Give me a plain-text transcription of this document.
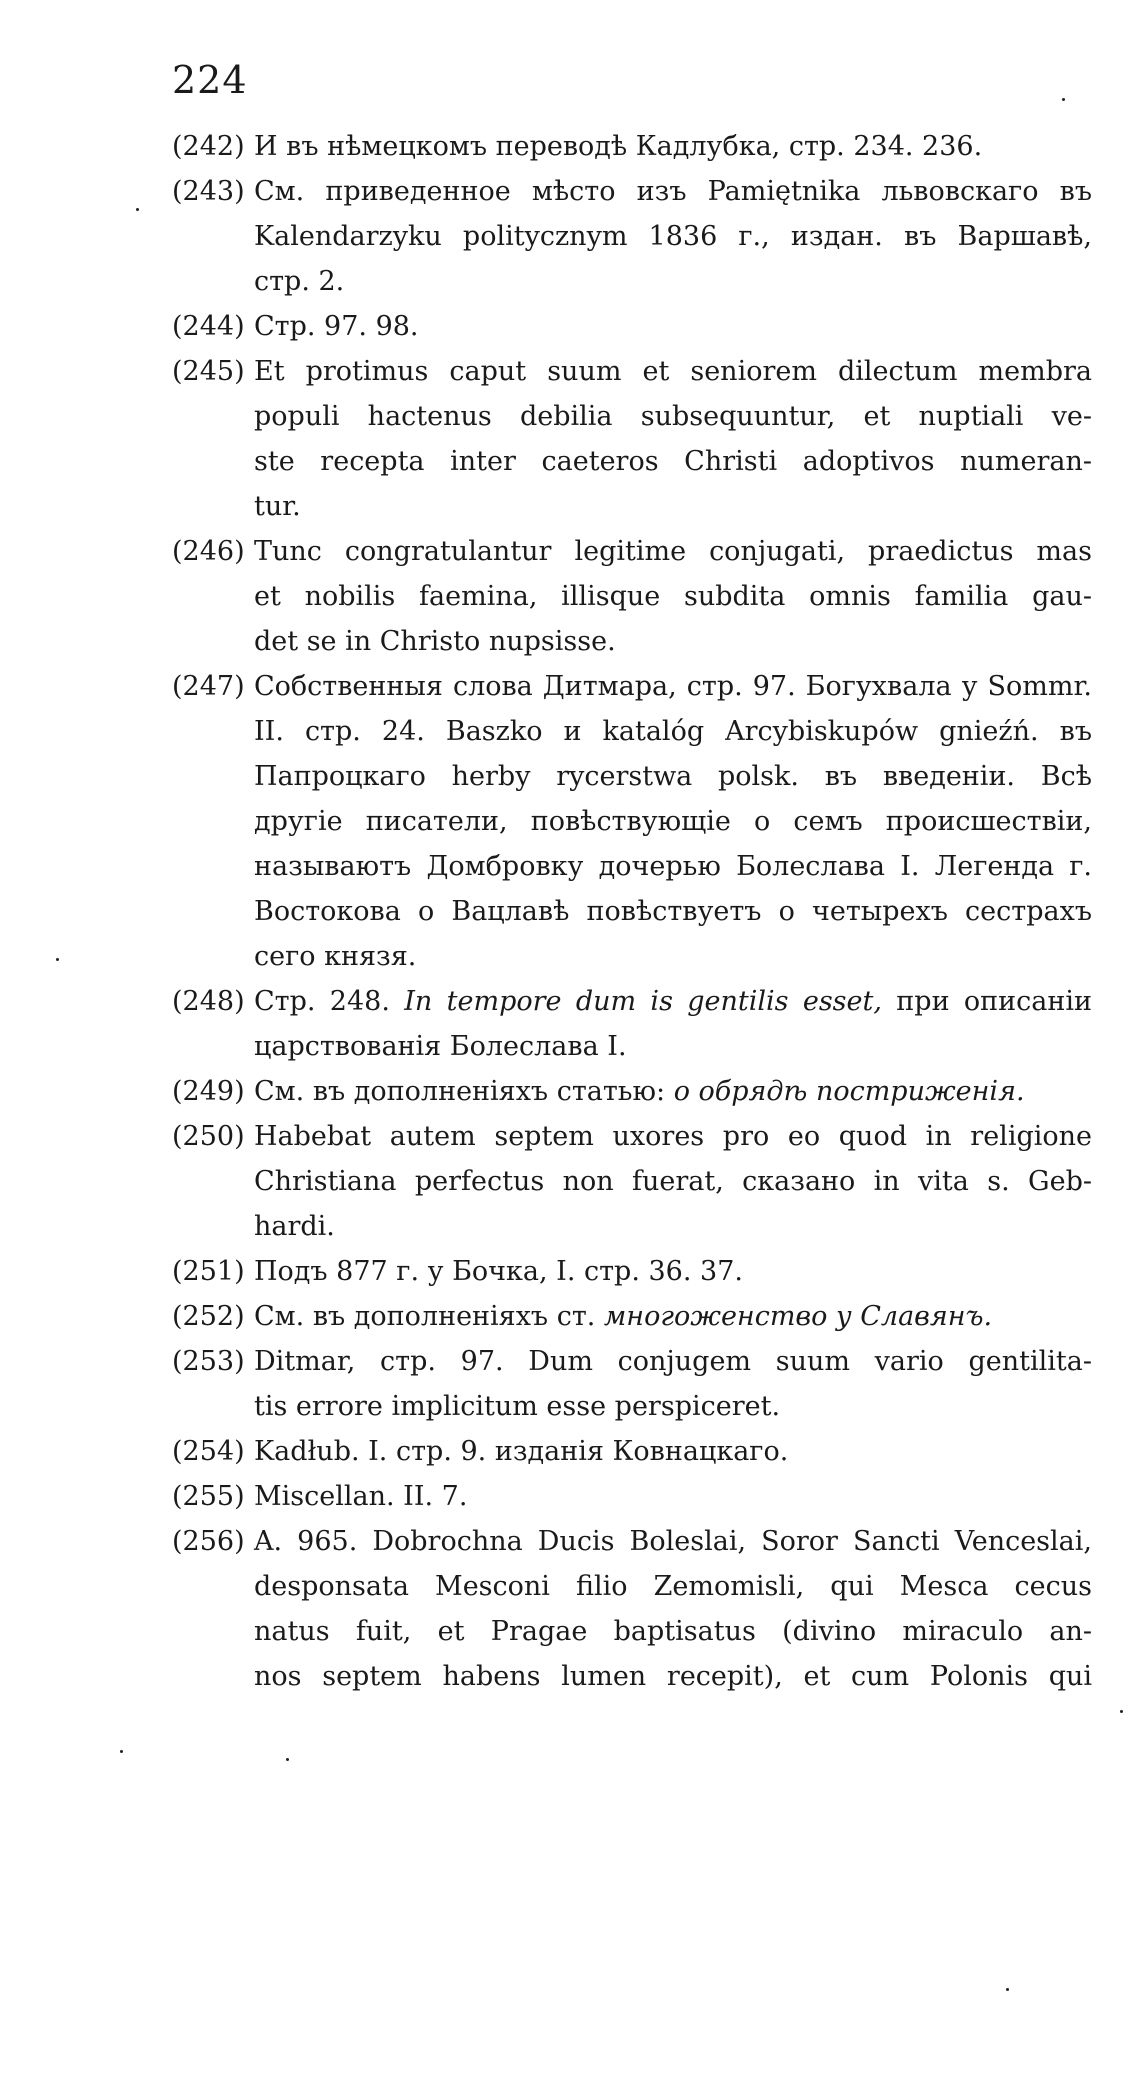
224
(242) И въ нѣмецкомъ переводѣ Кадлубка, стр. 234. 236.
(243) См. приведенное мѣсто изъ Pamiętnika львовскаго въ
Kalendarzyku politycznym 1836 г., издан. въ Варшавѣ,
стр. 2.
(244) Стр. 97. 98.
(245) Et protimus caput suum et seniorem dilectum membra
populi hactenus debilia subsequuntur, et nuptiali ve-
ste recepta inter caeteros Christi adoptivos numeran-
tur.
(246) Tunc congratulantur legitime conjugati, praedictus mas
et nobilis faemina, illisque subdita omnis familia gau-
det se in Christo nupsisse.
(247) Собственныя слова Дитмара, стр. 97. Богухвала у Sommr.
II. стр. 24. Baszko и katalóg Arcybiskupów gnieźń. въ
Папроцкаго herby rycerstwa polsk. въ введеніи. Всѣ
другіе писатели, повѣствующіе о семъ происшествіи,
называютъ Домбровку дочерью Болеслава I. Легенда г.
Востокова о Вацлавѣ повѣствуетъ о четырехъ сестрахъ
сего князя.
(248) Стр. 248. In tempore dum is gentilis esset, при описаніи
царствованія Болеслава I.
(249) См. въ дополненіяхъ статью: о обрядѣ постриженія.
(250) Habebat autem septem uxores pro eo quod in religione
Christiana perfectus non fuerat, сказано in vita s. Geb-
hardi.
(251) Подъ 877 г. у Бочка, I. стр. 36. 37.
(252) См. въ дополненіяхъ ст. многоженство у Славянъ.
(253) Ditmar, стр. 97. Dum conjugem suum vario gentilita-
tis errore implicitum esse perspiceret.
(254) Kadłub. I. стр. 9. изданія Ковнацкаго.
(255) Miscellan. II. 7.
(256) A. 965. Dobrochna Ducis Boleslai, Soror Sancti Venceslai,
desponsata Mesconi filio Zemomisli, qui Mesca cecus
natus fuit, et Pragae baptisatus (divino miraculo an-
nos septem habens lumen recepit), et cum Polonis qui
